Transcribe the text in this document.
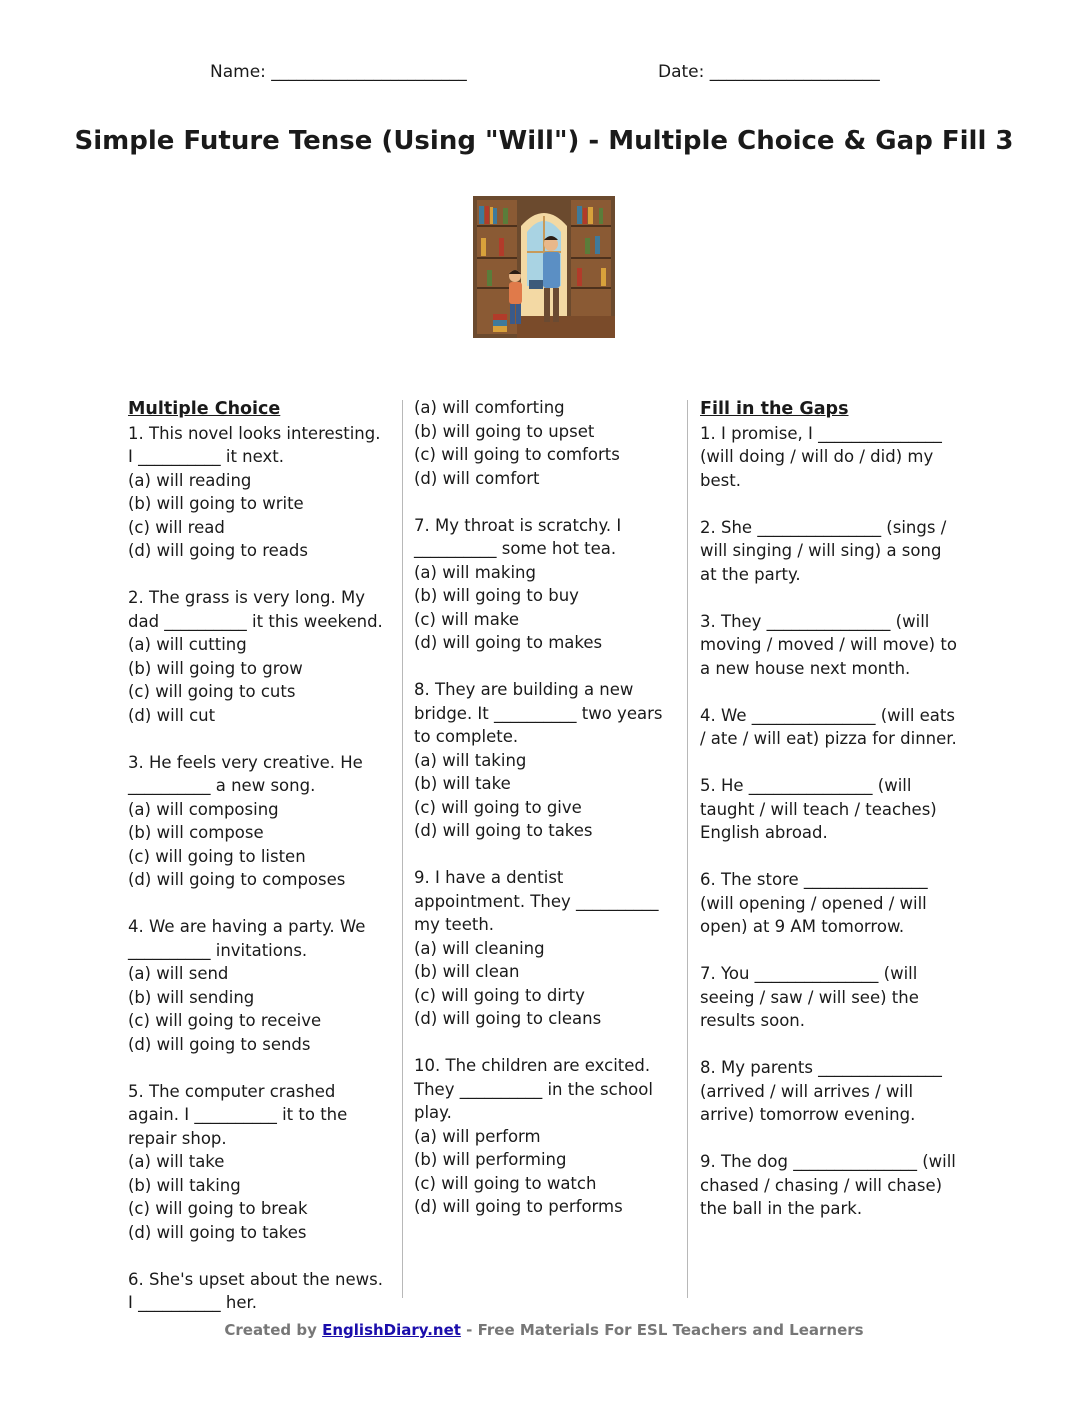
Name: _______________________	Date: ____________________
Simple Future Tense (Using "Will") - Multiple Choice & Gap Fill 3
Multiple Choice
1. This novel looks interesting. I __________ it next.
(a) will reading
(b) will going to write
(c) will read
(d) will going to reads
2. The grass is very long. My dad __________ it this weekend.
(a) will cutting
(b) will going to grow
(c) will going to cuts
(d) will cut
3. He feels very creative. He __________ a new song.
(a) will composing
(b) will compose
(c) will going to listen
(d) will going to composes
4. We are having a party. We __________ invitations.
(a) will send
(b) will sending
(c) will going to receive
(d) will going to sends
5. The computer crashed again. I __________ it to the repair shop.
(a) will take
(b) will taking
(c) will going to break
(d) will going to takes
6. She's upset about the news. I __________ her.
(a) will comforting
(b) will going to upset
(c) will going to comforts
(d) will comfort
7. My throat is scratchy. I __________ some hot tea.
(a) will making
(b) will going to buy
(c) will make
(d) will going to makes
8. They are building a new bridge. It __________ two years to complete.
(a) will taking
(b) will take
(c) will going to give
(d) will going to takes
9. I have a dentist appointment. They __________ my teeth.
(a) will cleaning
(b) will clean
(c) will going to dirty
(d) will going to cleans
10. The children are excited. They __________ in the school play.
(a) will perform
(b) will performing
(c) will going to watch
(d) will going to performs
Fill in the Gaps
1. I promise, I _______________ (will doing / will do / did) my best.
2. She _______________ (sings / will singing / will sing) a song at the party.
3. They _______________ (will moving / moved / will move) to a new house next month.
4. We _______________ (will eats / ate / will eat) pizza for dinner.
5. He _______________ (will taught / will teach / teaches) English abroad.
6. The store _______________ (will opening / opened / will open) at 9 AM tomorrow.
7. You _______________ (will seeing / saw / will see) the results soon.
8. My parents _______________ (arrived / will arrives / will arrive) tomorrow evening.
9. The dog _______________ (will chased / chasing / will chase) the ball in the park.
Created by EnglishDiary.net - Free Materials For ESL Teachers and Learners
